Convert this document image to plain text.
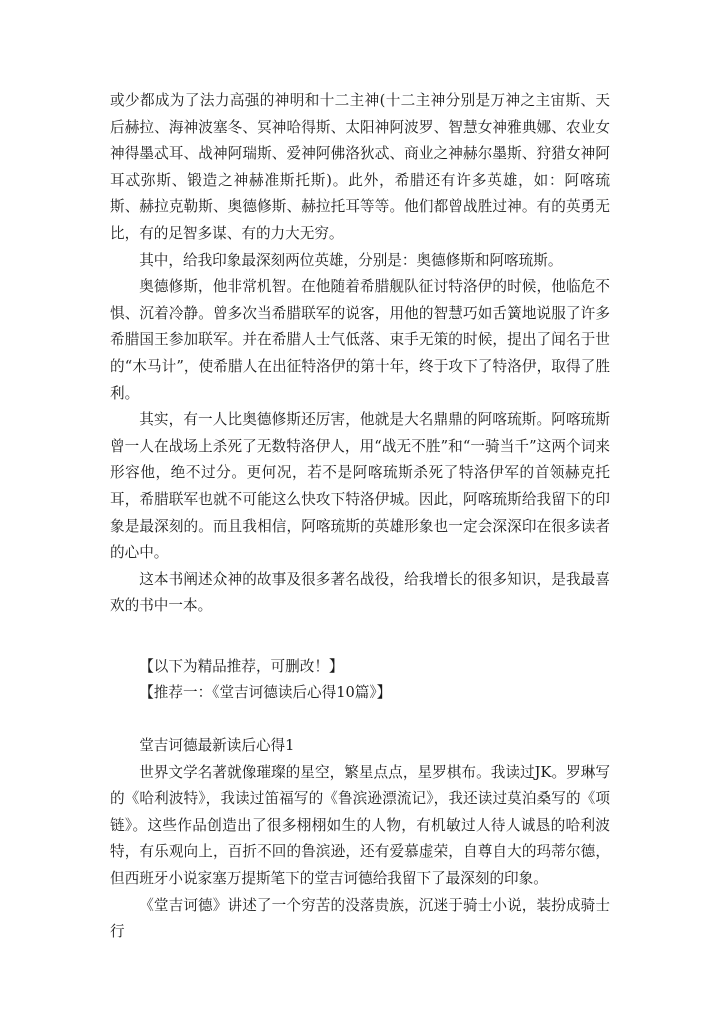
或少都成为了法力高强的神明和十二主神(十二主神分别是万神之主宙斯、天后赫拉、海神波塞冬、冥神哈得斯、太阳神阿波罗、智慧女神雅典娜、农业女神得墨忒耳、战神阿瑞斯、爱神阿佛洛狄忒、商业之神赫尔墨斯、狩猎女神阿耳忒弥斯、锻造之神赫准斯托斯)。此外，希腊还有许多英雄，如：阿喀琉斯、赫拉克勒斯、奥德修斯、赫拉托耳等等。他们都曾战胜过神。有的英勇无比，有的足智多谋、有的力大无穷。

其中，给我印象最深刻两位英雄，分别是：奥德修斯和阿喀琉斯。

奥德修斯，他非常机智。在他随着希腊舰队征讨特洛伊的时候，他临危不惧、沉着冷静。曾多次当希腊联军的说客，用他的智慧巧如舌簧地说服了许多希腊国王参加联军。并在希腊人士气低落、束手无策的时候，提出了闻名于世的“木马计”，使希腊人在出征特洛伊的第十年，终于攻下了特洛伊，取得了胜利。

其实，有一人比奥德修斯还厉害，他就是大名鼎鼎的阿喀琉斯。阿喀琉斯曾一人在战场上杀死了无数特洛伊人，用“战无不胜”和“一骑当千”这两个词来形容他，绝不过分。更何况，若不是阿喀琉斯杀死了特洛伊军的首领赫克托耳，希腊联军也就不可能这么快攻下特洛伊城。因此，阿喀琉斯给我留下的印象是最深刻的。而且我相信，阿喀琉斯的英雄形象也一定会深深印在很多读者的心中。

这本书阐述众神的故事及很多著名战役，给我增长的很多知识，是我最喜欢的书中一本。

【以下为精品推荐，可删改！】

【推荐一：《堂吉诃德读后心得10篇》】

堂吉诃德最新读后心得1

世界文学名著就像璀璨的星空，繁星点点，星罗棋布。我读过JK。罗琳写的《哈利波特》，我读过笛福写的《鲁滨逊漂流记》，我还读过莫泊桑写的《项链》。这些作品创造出了很多栩栩如生的人物，有机敏过人待人诚恳的哈利波特，有乐观向上，百折不回的鲁滨逊，还有爱慕虚荣，自尊自大的玛蒂尔德，但西班牙小说家塞万提斯笔下的堂吉诃德给我留下了最深刻的印象。

《堂吉诃德》讲述了一个穷苦的没落贵族，沉迷于骑士小说，装扮成骑士行
